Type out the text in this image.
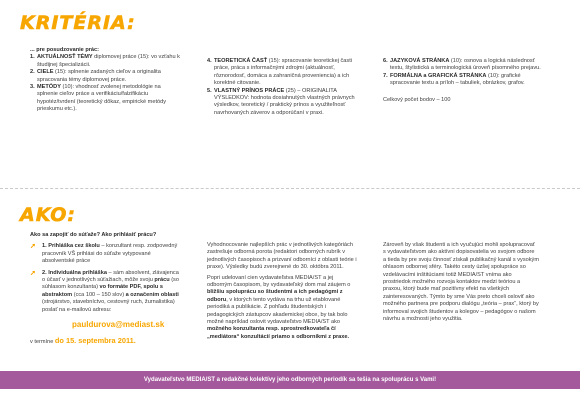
KRITÉRIA:

... pre posudzovanie prác:

1. AKTUÁLNOSŤ TÉMY diplomovej práce (15): vo vzťahu k študijnej špecializácii.
2. CIELE (15): splnenie zadaných cieľov a originalita spracovania témy diplomovej práce.
3. METÓDY (10): vhodnosť zvolenej metodológie na splnenie cieľov práce a verifikáciu/falzifikáciu hypotéz/tvrdení (teoretický dôkaz, empirické metódy prieskumu etc.).
4. TEORETICKÁ ČASŤ (15): spracovanie teoretickej časti práce, práca s informačnými zdrojmi (aktuálnosť, rôznorodosť, domáca a zahraničná proveniencia) a ich korektné citovanie.
5. VLASTNÝ PRÍNOS PRÁCE (25) – ORIGINALITA VÝSLEDKOV: hodnota dosiahnutých vlastných právnych výsledkov, teoretický / praktický prínos a využiteľnosť navrhovaných záverov a odporúčaní v praxi.
6. JAZYKOVÁ STRÁNKA (10): osnova a logická následnosť textu, štylistická a terminologická úroveň písomného prejavu.
7. FORMÁLNA a GRAFICKÁ STRÁNKA (10): grafické spracovanie textu a príloh – tabuliek, obrázkov, grafov.

Celkový počet bodov – 100

AKO:

Ako sa zapojiť do súťaže? Ako prihlásiť prácu?

➚	1. Prihláška cez školu – konzultant resp. zodpovedný pracovník VŠ prihlási do súťaže vytypované absolventské práce
➚	2. Individuálna prihláška – sám absolvent, zlávajenca o účasť v jednotlivých súťažiach, môže svoju prácu (so súhlasom konzultanta) vo formáte PDF, spolu s abstraktom (cca 100 – 150 slov) a označením oblasti (strojárstvo, stavebníctvo, cestovný ruch, žurnalistika) poslať na e-mailovú adresu:
pauldurova@mediast.sk
v termíne do 15. septembra 2011.

Vyhodnocovanie najlepších prác v jednotlivých kategóriách zastrešuje odborná porota (redaktori odborných rubrík v jednotlivých časopisoch a prizvaní odborníci z oblasti teórie i praxe). Výsledky budú zverejnené do 30. októbra 2011.
Popri udelovaní cien vydavateľstva MEDIA/ST a jej odborným časopisom, by vydavateľský dom mal záujem o bližšiu spoluprácu so študentmi a ich pedagógmi z odboru, v ktorých tento vydáva na trhu už etablované periodiká a publikácie. Z pohľadu študentských i pedagogických zástupcov akademickej obce, by tak bolo možné napríklad oslovit vydavateľstvo MEDIA/ST ako možného konzultanta resp. sprostredkovateľa čí „mediátora“ konzultácií priamo s odborníkmi z praxe.

Zároveň by však študenti a ich vyučujúci mohli spolupracovať s vydavateľstvom ako aktívni dopisovatelia vo svojom odbore a tieda by pre svoju činnosť získali publikačný kanál s vysokým ohlasom odbornej sféry. Takéto cesty úzšej spolupráce so vzdelávacími inštitúciami totiž MEDIA/ST vníma ako prostriedok možného rozvoja kontaktov medzi teóriou a praxou, ktorý bude mať pozitívny efekt na všetkých zainteresovaných. Týmto by sme Vás preto chceli osloviť ako možného partnera pre podporu dialógu „teória – prax“, ktorý by informoval svojich študentov a kolegov – pedagógov o našom návrhu a možnosti jeho využitia.

Vydavateľstvo MEDIA/ST a redakčné kolektívy jeho odborných periodík sa tešia na spoluprácu s Vami!
